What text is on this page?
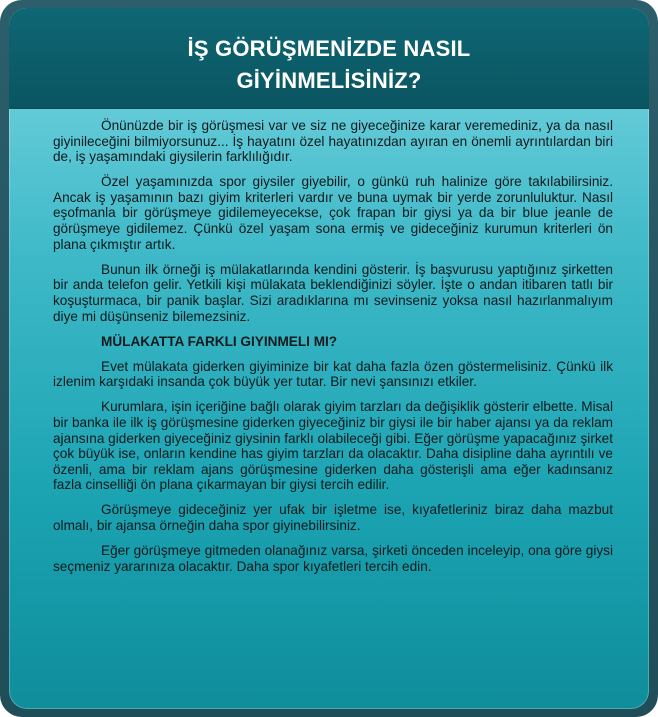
İŞ GÖRÜŞMENİZDE NASIL
GİYİNMELİSİNİZ?

Önünüzde bir iş görüşmesi var ve siz ne giyeceğinize karar veremediniz, ya da nasıl giyinileceğini bilmiyorsunuz... İş hayatını özel hayatınızdan ayıran en önemli ayrıntılardan biri de, iş yaşamındaki giysilerin farklılığıdır.

Özel yaşamınızda spor giysiler giyebilir, o günkü ruh halinize göre takılabilirsiniz. Ancak iş yaşamının bazı giyim kriterleri vardır ve buna uymak bir yerde zorunluluktur. Nasıl eşofmanla bir görüşmeye gidilemeyecekse, çok frapan bir giysi ya da bir blue jeanle de görüşmeye gidilemez. Çünkü özel yaşam sona ermiş ve gideceğiniz kurumun kriterleri ön plana çıkmıştır artık.

Bunun ilk örneği iş mülakatlarında kendini gösterir. İş başvurusu yaptığınız şirketten bir anda telefon gelir. Yetkili kişi mülakata beklendiğinizi söyler. İşte o andan itibaren tatlı bir koşuşturmaca, bir panik başlar. Sizi aradıklarına mı sevinseniz yoksa nasıl hazırlanmalıyım diye mi düşünseniz bilemezsiniz.

MÜLAKATTA FARKLI GIYINMELI MI?

Evet mülakata giderken giyiminize bir kat daha fazla özen göstermelisiniz. Çünkü ilk izlenim karşıdaki insanda çok büyük yer tutar. Bir nevi şansınızı etkiler.

Kurumlara, işin içeriğine bağlı olarak giyim tarzları da değişiklik gösterir elbette. Misal bir banka ile ilk iş görüşmesine giderken giyeceğiniz bir giysi ile bir haber ajansı ya da reklam ajansına giderken giyeceğiniz giysinin farklı olabileceği gibi. Eğer görüşme yapacağınız şirket çok büyük ise, onların kendine has giyim tarzları da olacaktır. Daha disipline daha ayrıntılı ve özenli, ama bir reklam ajans görüşmesine giderken daha gösterişli ama eğer kadınsanız fazla cinselliği ön plana çıkarmayan bir giysi tercih edilir.

Görüşmeye gideceğiniz yer ufak bir işletme ise, kıyafetleriniz biraz daha mazbut olmalı, bir ajansa örneğin daha spor giyinebilirsiniz.

Eğer görüşmeye gitmeden olanağınız varsa, şirketi önceden inceleyip, ona göre giysi seçmeniz yararınıza olacaktır. Daha spor kıyafetleri tercih edin.
